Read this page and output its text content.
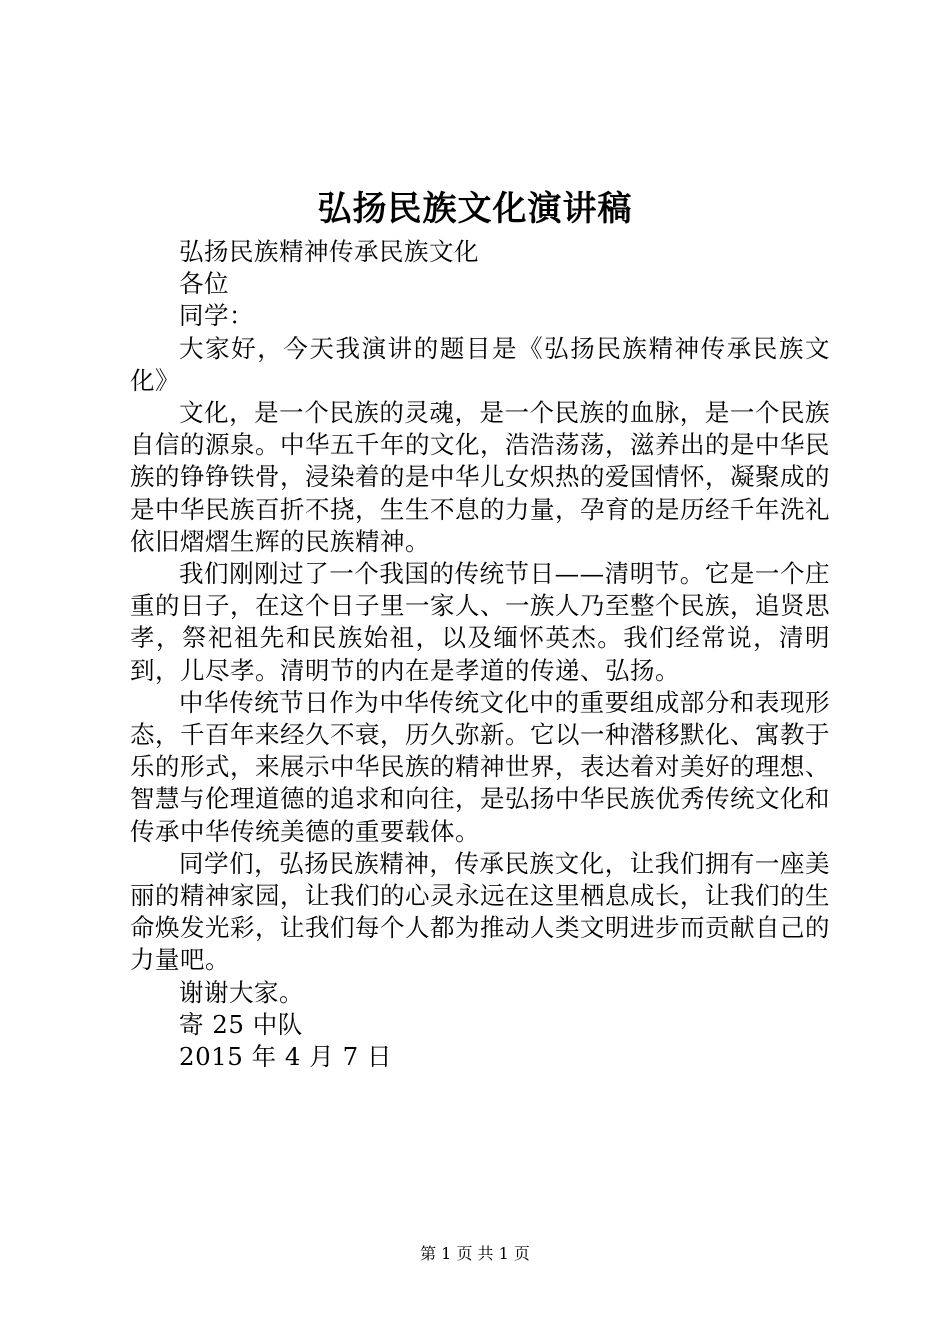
弘扬民族文化演讲稿

弘扬民族精神传承民族文化

各位

同学：

大家好，今天我演讲的题目是《弘扬民族精神传承民族文化》

文化，是一个民族的灵魂，是一个民族的血脉，是一个民族自信的源泉。中华五千年的文化，浩浩荡荡，滋养出的是中华民族的铮铮铁骨，浸染着的是中华儿女炽热的爱国情怀，凝聚成的是中华民族百折不挠，生生不息的力量，孕育的是历经千年洗礼依旧熠熠生辉的民族精神。

我们刚刚过了一个我国的传统节日——清明节。它是一个庄重的日子，在这个日子里一家人、一族人乃至整个民族，追贤思孝，祭祀祖先和民族始祖，以及缅怀英杰。我们经常说，清明到，儿尽孝。清明节的内在是孝道的传递、弘扬。

中华传统节日作为中华传统文化中的重要组成部分和表现形态，千百年来经久不衰，历久弥新。它以一种潜移默化、寓教于乐的形式，来展示中华民族的精神世界，表达着对美好的理想、智慧与伦理道德的追求和向往，是弘扬中华民族优秀传统文化和传承中华传统美德的重要载体。

同学们，弘扬民族精神，传承民族文化，让我们拥有一座美丽的精神家园，让我们的心灵永远在这里栖息成长，让我们的生命焕发光彩，让我们每个人都为推动人类文明进步而贡献自己的力量吧。

谢谢大家。

寄 25 中队

2015 年 4 月 7 日

第 1 页 共 1 页
